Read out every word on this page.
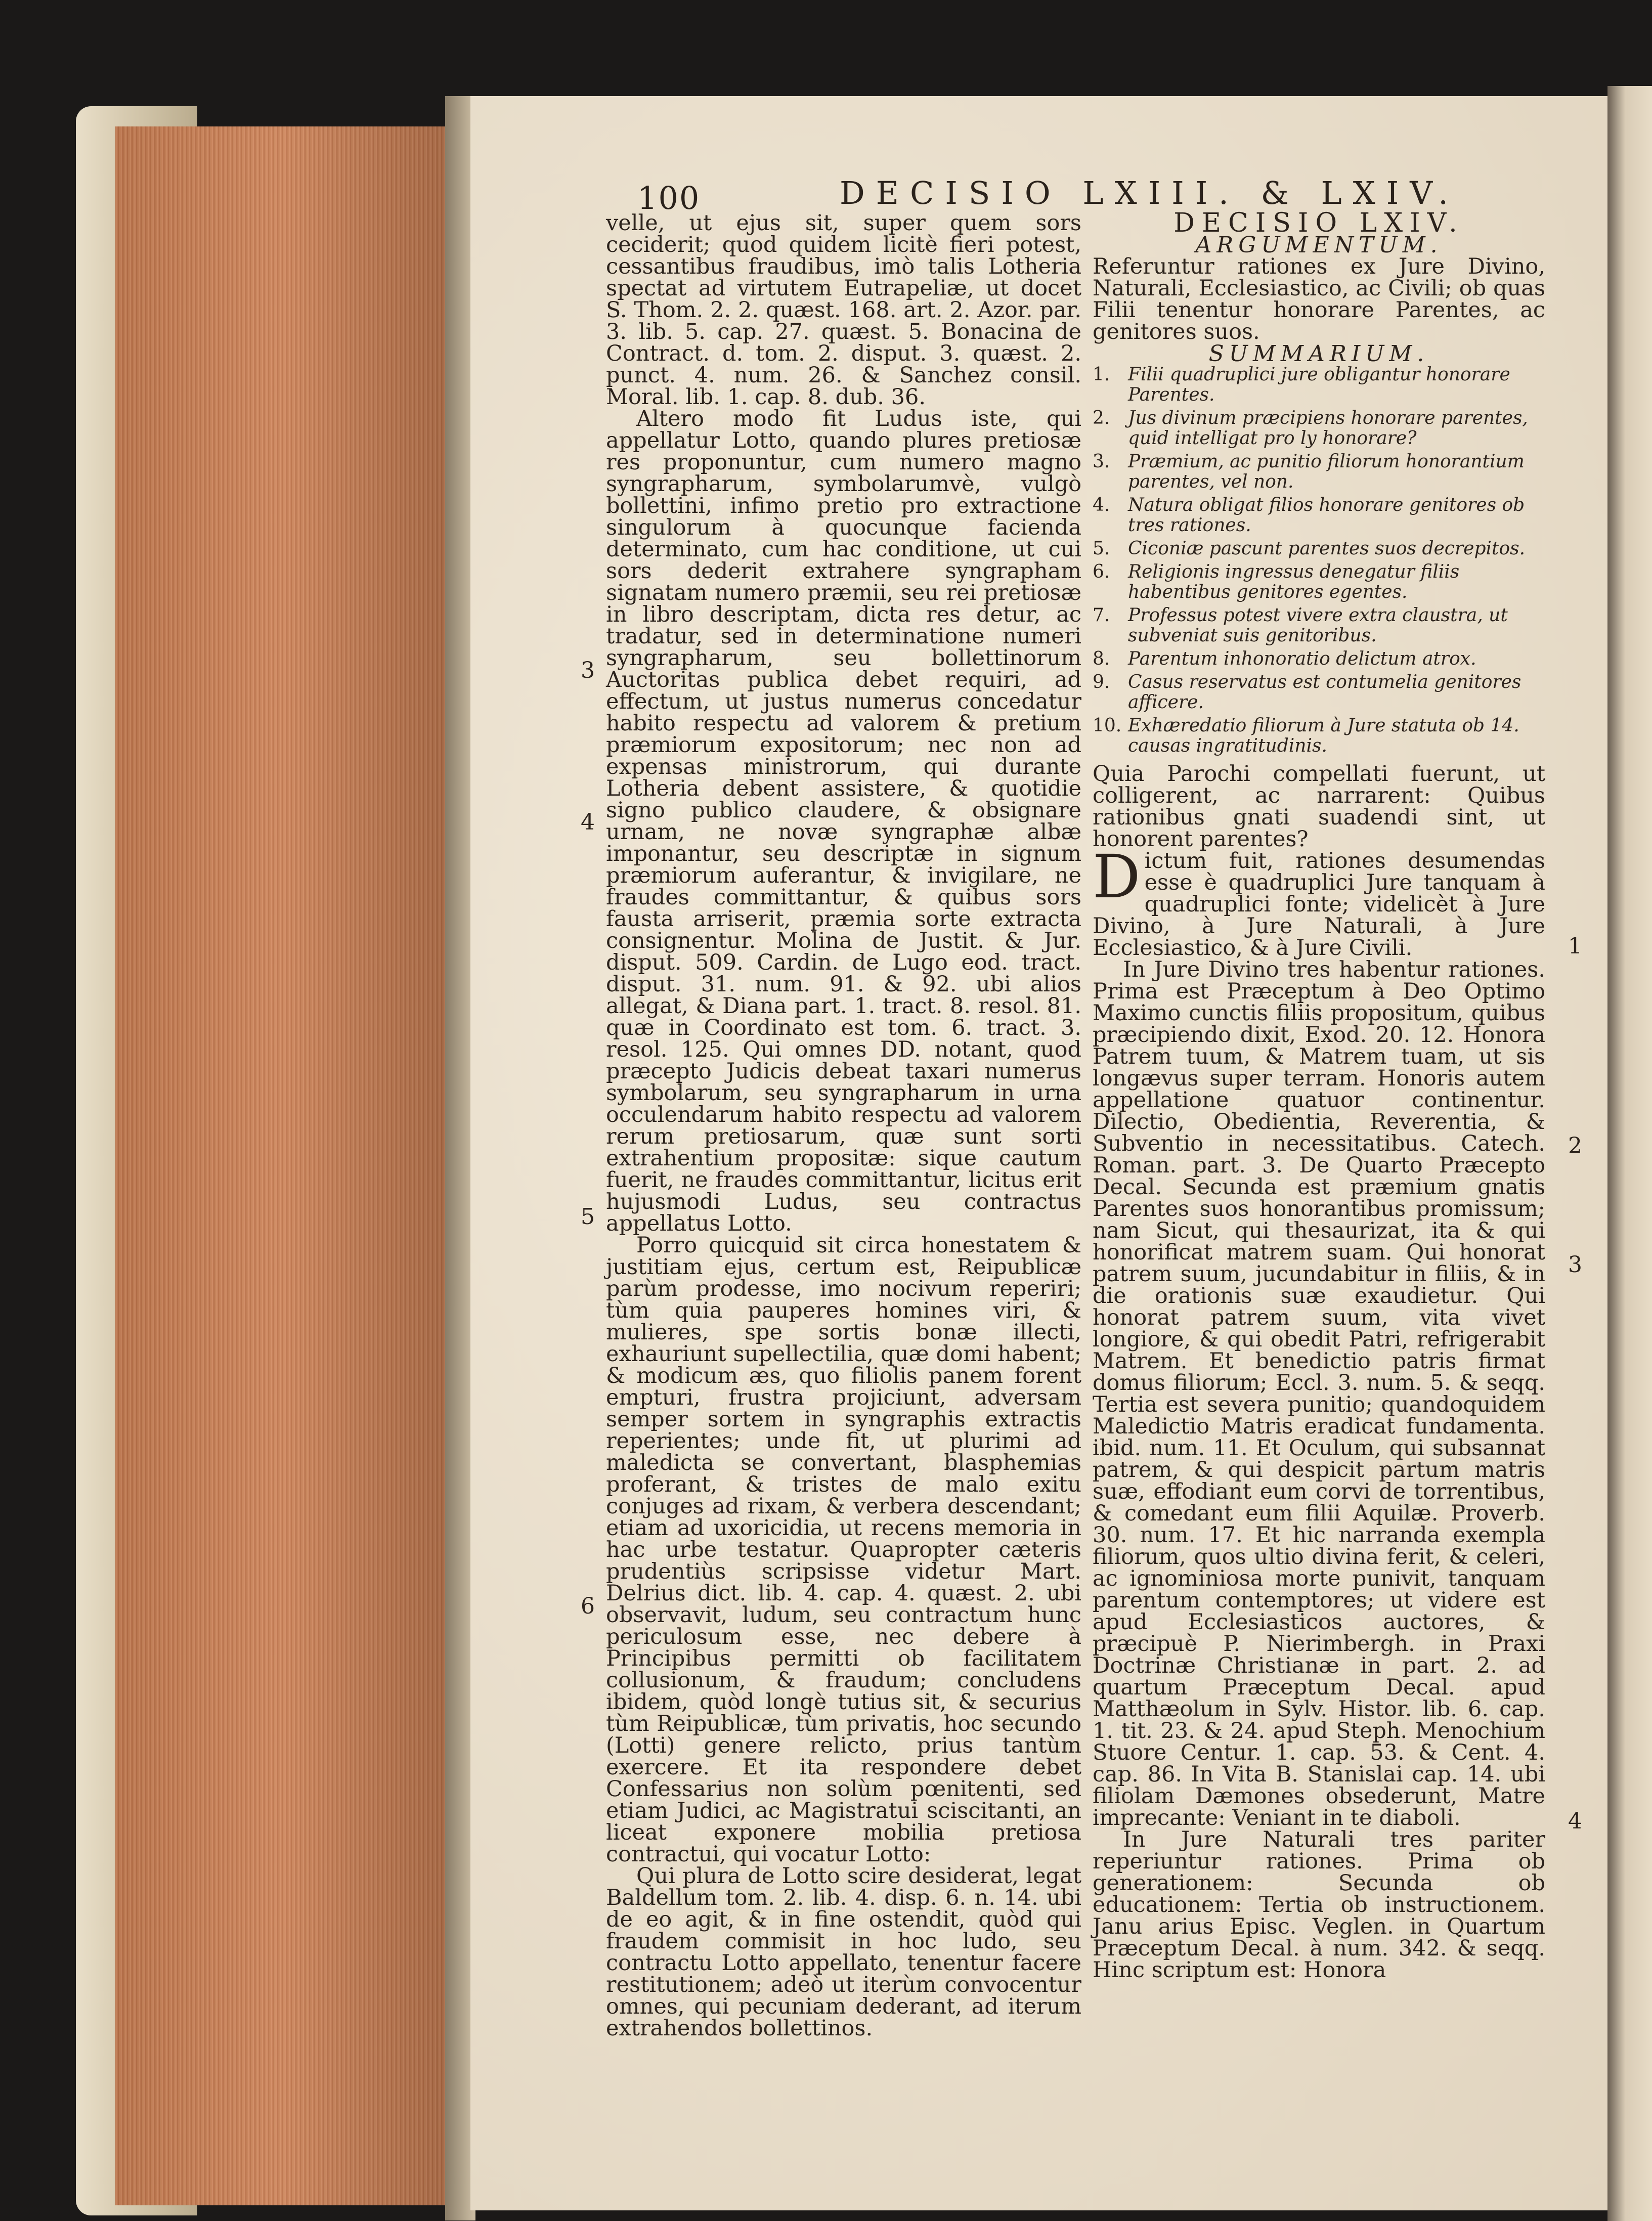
100	DECISIO LXIII. & LXIV.

velle, ut ejus sit, super quem sors ceciderit; quod quidem licitè fieri potest, cessantibus fraudibus, imò talis Lotheria spectat ad virtutem Eutrapeliæ, ut docet S. Thom. 2. 2. quæst. 168. art. 2. Azor. par. 3. lib. 5. cap. 27. quæst. 5. Bonacina de Contract. d. tom. 2. disput. 3. quæst. 2. punct. 4. num. 26. & Sanchez consil. Moral. lib. 1. cap. 8. dub. 36.

Altero modo fit Ludus iste, qui appellatur Lotto, quando plures pretiosæ res proponuntur, cum numero magno syngrapharum, symbolarumvè, vulgò bollettini, infimo pretio pro extractione singulorum à quocunque facienda determinato, cum hac conditione, ut cui sors dederit extrahere syngrapham signatam numero præmii, seu rei pretiosæ in libro descriptam, dicta res detur, ac tradatur, sed in determinatione numeri syngrapharum, seu bollettinorum Auctoritas publica debet requiri, ad effectum, ut justus numerus concedatur habito respectu ad valorem & pretium præmiorum expositorum; nec non ad expensas ministrorum, qui durante Lotheria debent assistere, & quotidie signo publico claudere, & obsignare urnam, ne novæ syngraphæ albæ imponantur, seu descriptæ in signum præmiorum auferantur, & invigilare, ne fraudes committantur, & quibus sors fausta arriserit, præmia sorte extracta consignentur. Molina de Justit. & Jur. disput. 509. Cardin. de Lugo eod. tract. disput. 31. num. 91. & 92. ubi alios allegat, & Diana part. 1. tract. 8. resol. 81. quæ in Coordinato est tom. 6. tract. 3. resol. 125. Qui omnes DD. notant, quod præcepto Judicis debeat taxari numerus symbolarum, seu syngrapharum in urna occulendarum habito respectu ad valorem rerum pretiosarum, quæ sunt sorti extrahentium propositæ: sique cautum fuerit, ne fraudes committantur, licitus erit hujusmodi Ludus, seu contractus appellatus Lotto.

Porro quicquid sit circa honestatem & justitiam ejus, certum est, Reipublicæ parùm prodesse, imo nocivum reperiri; tùm quia pauperes homines viri, & mulieres, spe sortis bonæ illecti, exhauriunt supellectilia, quæ domi habent; & modicum æs, quo filiolis panem forent empturi, frustra projiciunt, adversam semper sortem in syngraphis extractis reperientes; unde fit, ut plurimi ad maledicta se convertant, blasphemias proferant, & tristes de malo exitu conjuges ad rixam, & verbera descendant; etiam ad uxoricidia, ut recens memoria in hac urbe testatur. Quapropter cæteris prudentiùs scripsisse videtur Mart. Delrius dict. lib. 4. cap. 4. quæst. 2. ubi observavit, ludum, seu contractum hunc periculosum esse, nec debere à Principibus permitti ob facilitatem collusionum, & fraudum; concludens ibidem, quòd longè tutius sit, & securius tùm Reipublicæ, tùm privatis, hoc secundo (Lotti) genere relicto, prius tantùm exercere. Et ita respondere debet Confessarius non solùm pœnitenti, sed etiam Judici, ac Magistratui sciscitanti, an liceat exponere mobilia pretiosa contractui, qui vocatur Lotto:

Qui plura de Lotto scire desiderat, legat Baldellum tom. 2. lib. 4. disp. 6. n. 14. ubi de eo agit, & in fine ostendit, quòd qui fraudem commisit in hoc ludo, seu contractu Lotto appellato, tenentur facere restitutionem; adeò ut iterùm convocentur omnes, qui pecuniam dederant, ad iterum extrahendos bollettinos.

3
4
5
6

DECISIO LXIV.

ARGUMENTUM.

Referuntur rationes ex Jure Divino, Naturali, Ecclesiastico, ac Civili; ob quas Filii tenentur honorare Parentes, ac genitores suos.

SUMMARIUM.

1. Filii quadruplici jure obligantur honorare Parentes.
2. Jus divinum præcipiens honorare parentes, quid intelligat pro ly honorare?
3. Præmium, ac punitio filiorum honorantium parentes, vel non.
4. Natura obligat filios honorare genitores ob tres rationes.
5. Ciconiæ pascunt parentes suos decrepitos.
6. Religionis ingressus denegatur filiis habentibus genitores egentes.
7. Professus potest vivere extra claustra, ut subveniat suis genitoribus.
8. Parentum inhonoratio delictum atrox.
9. Casus reservatus est contumelia genitores afficere.
10. Exhæredatio filiorum à Jure statuta ob 14. causas ingratitudinis.

Quia Parochi compellati fuerunt, ut colligerent, ac narrarent: Quibus rationibus gnati suadendi sint, ut honorent parentes?

Dictum fuit, rationes desumendas esse è quadruplici Jure tanquam à quadruplici fonte; videlicèt à Jure Divino, à Jure Naturali, à Jure Ecclesiastico, & à Jure Civili.

In Jure Divino tres habentur rationes. Prima est Præceptum à Deo Optimo Maximo cunctis filiis propositum, quibus præcipiendo dixit, Exod. 20. 12. Honora Patrem tuum, & Matrem tuam, ut sis longævus super terram. Honoris autem appellatione quatuor continentur. Dilectio, Obedientia, Reverentia, & Subventio in necessitatibus. Catech. Roman. part. 3. De Quarto Præcepto Decal. Secunda est præmium gnatis Parentes suos honorantibus promissum; nam Sicut, qui thesaurizat, ita & qui honorificat matrem suam. Qui honorat patrem suum, jucundabitur in filiis, & in die orationis suæ exaudietur. Qui honorat patrem suum, vita vivet longiore, & qui obedit Patri, refrigerabit Matrem. Et benedictio patris firmat domus filiorum; Eccl. 3. num. 5. & seqq. Tertia est severa punitio; quandoquidem Maledictio Matris eradicat fundamenta. ibid. num. 11. Et Oculum, qui subsannat patrem, & qui despicit partum matris suæ, effodiant eum corvi de torrentibus, & comedant eum filii Aquilæ. Proverb. 30. num. 17. Et hic narranda exempla filiorum, quos ultio divina ferit, & celeri, ac ignominiosa morte punivit, tanquam parentum contemptores; ut videre est apud Ecclesiasticos auctores, & præcipuè P. Nierimbergh. in Praxi Doctrinæ Christianæ in part. 2. ad quartum Præceptum Decal. apud Matthæolum in Sylv. Histor. lib. 6. cap. 1. tit. 23. & 24. apud Steph. Menochium Stuore Centur. 1. cap. 53. & Cent. 4. cap. 86. In Vita B. Stanislai cap. 14. ubi filiolam Dæmones obsederunt, Matre imprecante: Veniant in te diaboli.

In Jure Naturali tres pariter reperiuntur rationes. Prima ob generationem: Secunda ob educationem: Tertia ob instructionem. Janu arius Episc. Veglen. in Quartum Præceptum Decal. à num. 342. & seqq. Hinc scriptum est: Honora

1
2
3
4
